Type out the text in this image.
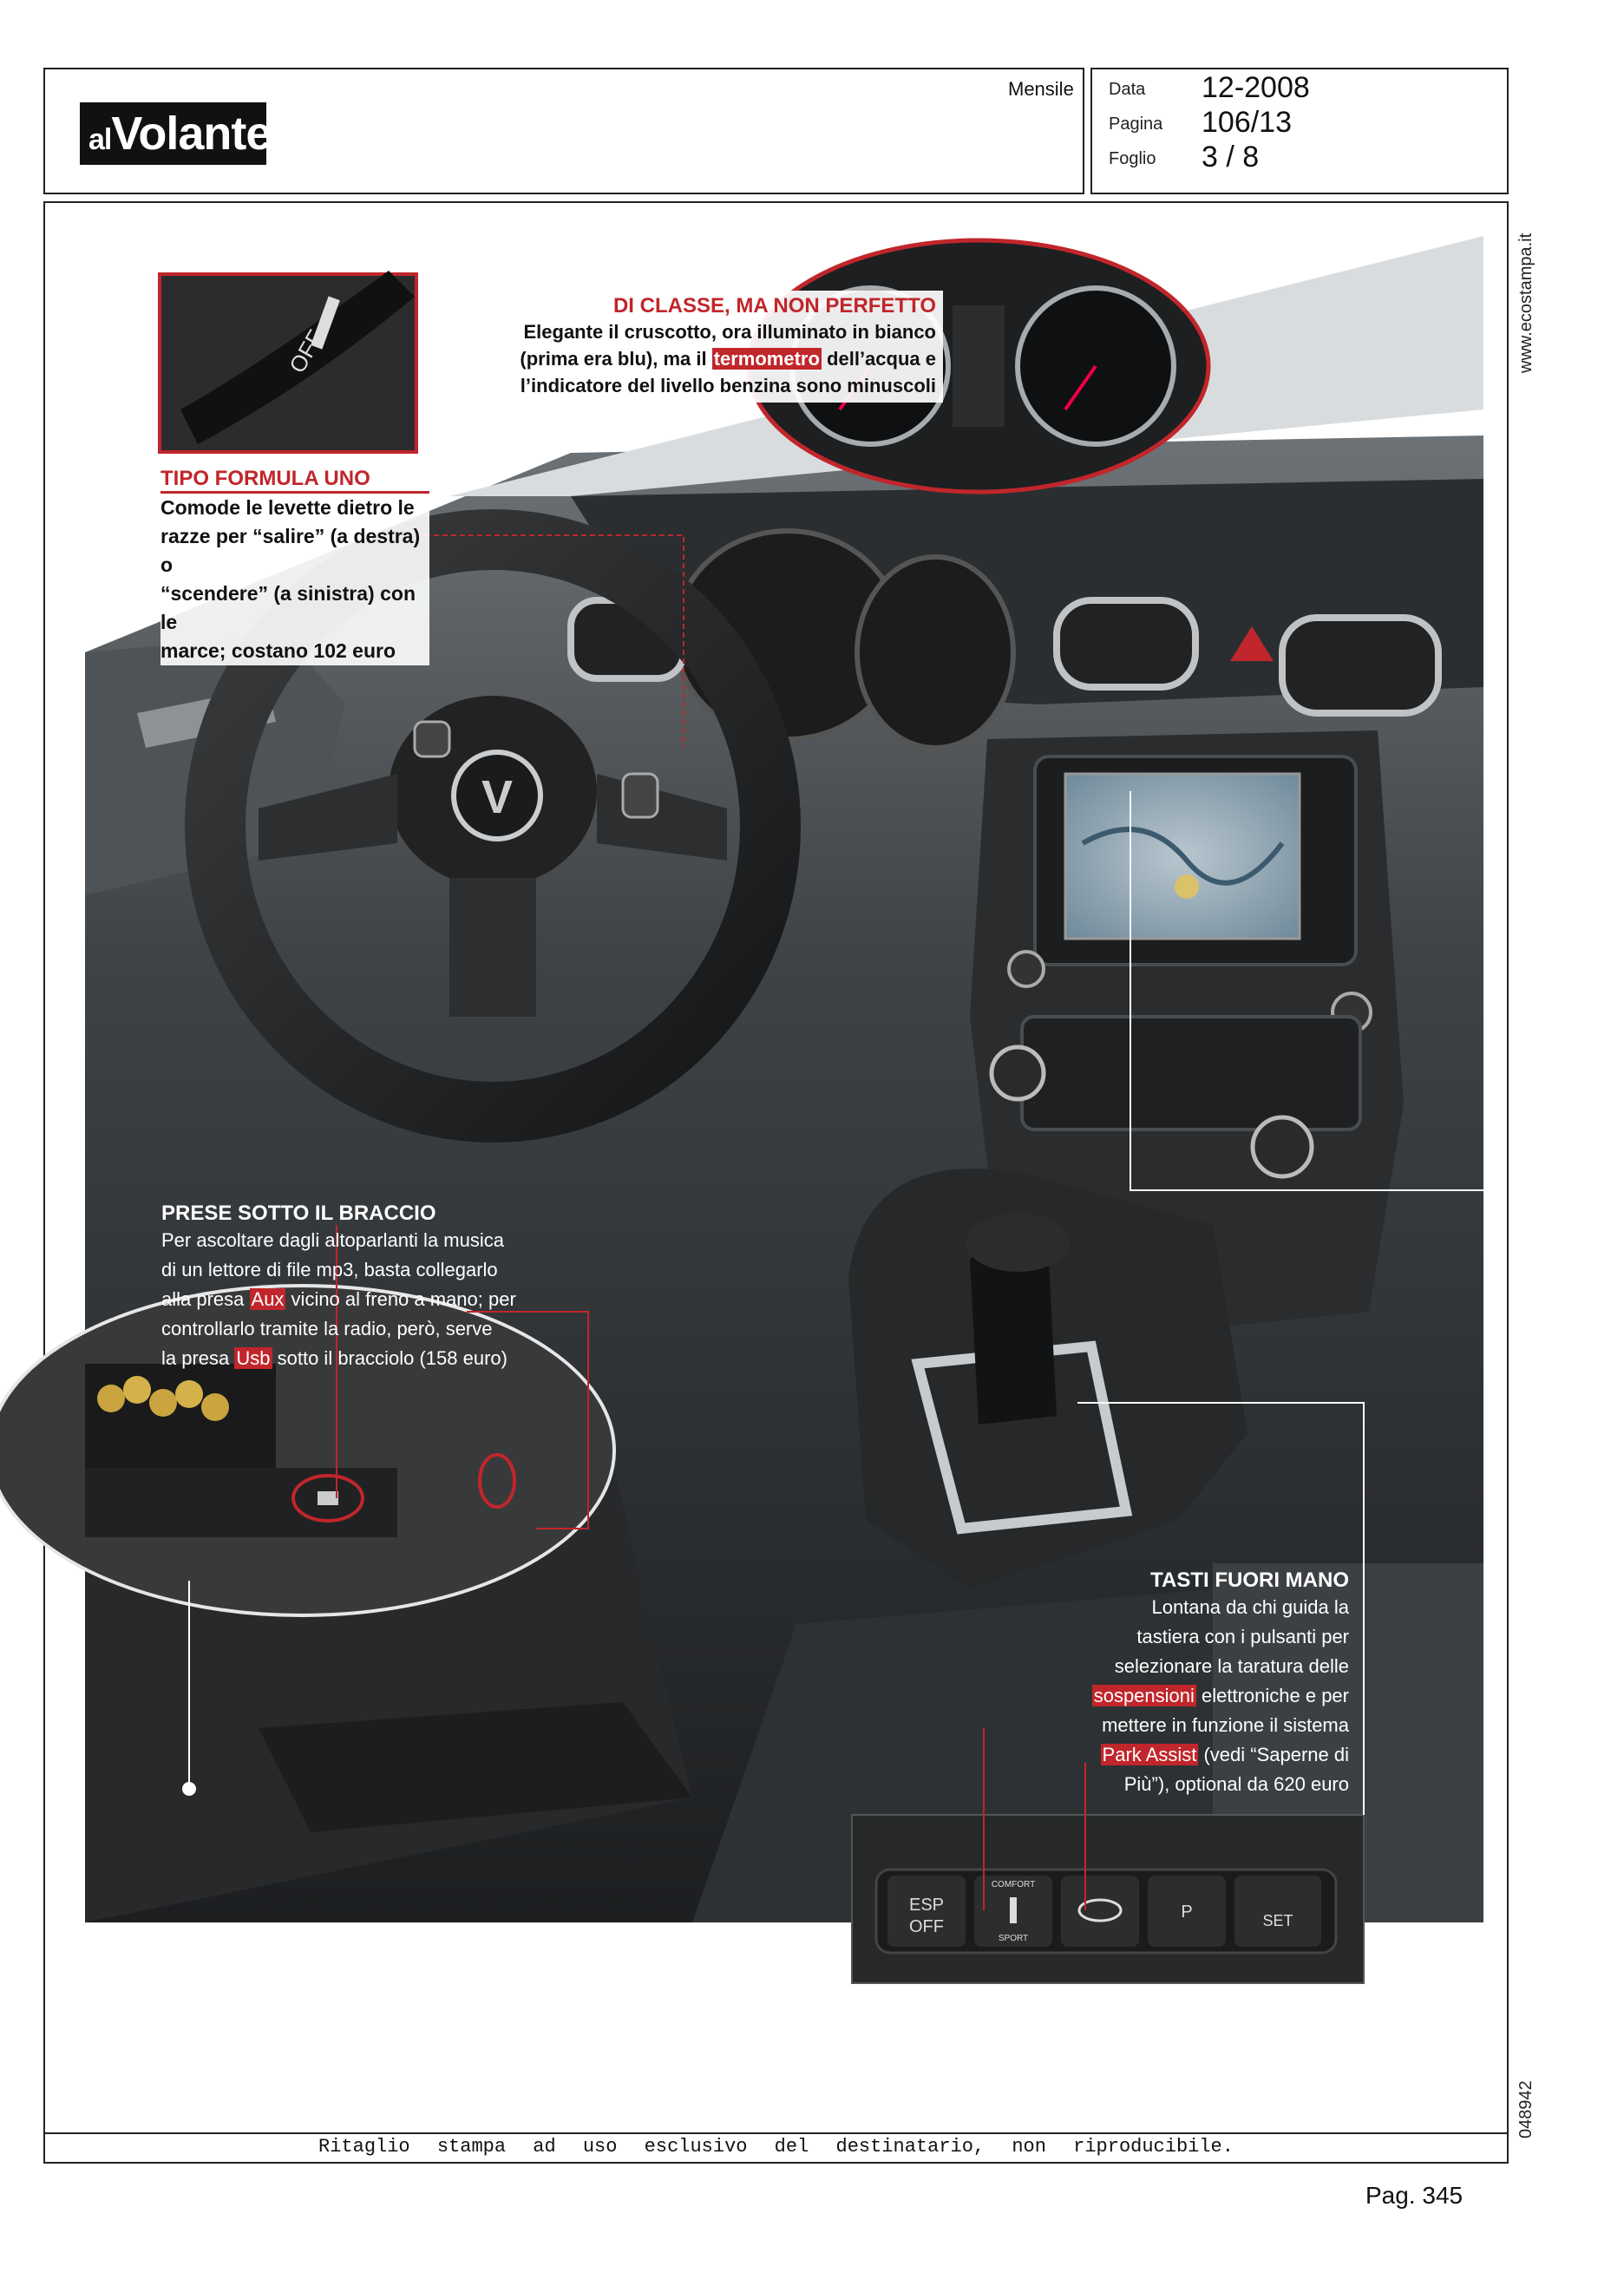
alVolante
Mensile Data 12-2008
Pagina 106/13
Foglio 3 / 8
www.ecostampa.it
048942
V
OFF
ESP
OFF
COMFORT
SPORT
P	SET
DI CLASSE, MA NON PERFETTO
Elegante il cruscotto, ora illuminato in bianco
(prima era blu), ma il termometro dell’acqua e
l’indicatore del livello benzina sono minuscoli
TIPO FORMULA UNO
Comode le levette dietro le
razze per “salire” (a destra) o
“scendere” (a sinistra) con le
marce; costano 102 euro
PRESE SOTTO IL BRACCIO
Per ascoltare dagli altoparlanti la musica
di un lettore di file mp3, basta collegarlo
alla presa Aux vicino al freno a mano; per
controllarlo tramite la radio, però, serve
la presa Usb sotto il bracciolo (158 euro)
TASTI FUORI MANO
Lontana da chi guida la
tastiera con i pulsanti per
selezionare la taratura delle
sospensioni elettroniche e per
mettere in funzione il sistema
Park Assist (vedi “Saperne di
Più”), optional da 620 euro
Ritaglio stampa ad uso esclusivo del destinatario, non riproducibile.
Pag. 345
